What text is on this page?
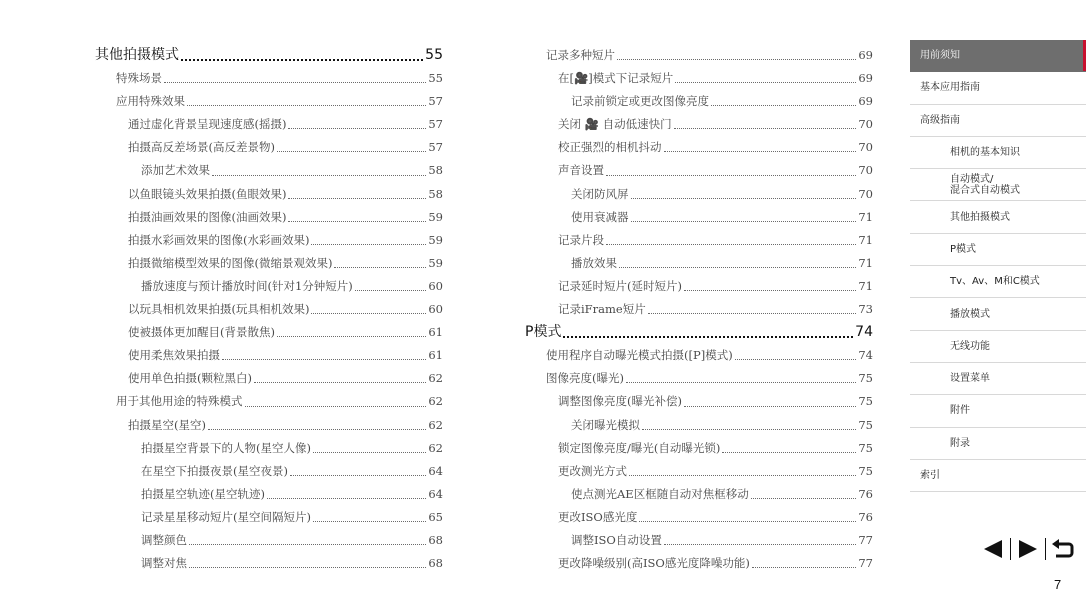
其他拍摄模式	55
特殊场景	55
应用特殊效果	57
通过虚化背景呈现速度感(摇摄)	57
拍摄高反差场景(高反差景物)	57
添加艺术效果	58
以鱼眼镜头效果拍摄(鱼眼效果)	58
拍摄油画效果的图像(油画效果)	59
拍摄水彩画效果的图像(水彩画效果)	59
拍摄微缩模型效果的图像(微缩景观效果)	59
播放速度与预计播放时间(针对1分钟短片)	60
以玩具相机效果拍摄(玩具相机效果)	60
使被摄体更加醒目(背景散焦)	61
使用柔焦效果拍摄	61
使用单色拍摄(颗粒黑白)	62
用于其他用途的特殊模式	62
拍摄星空(星空)	62
拍摄星空背景下的人物(星空人像)	62
在星空下拍摄夜景(星空夜景)	64
拍摄星空轨迹(星空轨迹)	64
记录星星移动短片(星空间隔短片)	65
调整颜色	68
调整对焦	68
记录多种短片	69
在[🎥]模式下记录短片	69
记录前锁定或更改图像亮度	69
关闭 🎥 自动低速快门	70
校正强烈的相机抖动	70
声音设置	70
关闭防风屏	70
使用衰减器	71
记录片段	71
播放效果	71
记录延时短片(延时短片)	71
记录iFrame短片	73
P模式	74
使用程序自动曝光模式拍摄([P]模式)	74
图像亮度(曝光)	75
调整图像亮度(曝光补偿)	75
关闭曝光模拟	75
锁定图像亮度/曝光(自动曝光锁)	75
更改测光方式	75
使点测光AE区框随自动对焦框移动	76
更改ISO感光度	76
调整ISO自动设置	77
更改降噪级别(高ISO感光度降噪功能)	77
用前须知
基本应用指南
高级指南
相机的基本知识
自动模式/
混合式自动模式
其他拍摄模式
P模式
Tv、Av、M和C模式
播放模式
无线功能
设置菜单
附件
附录
索引
7
